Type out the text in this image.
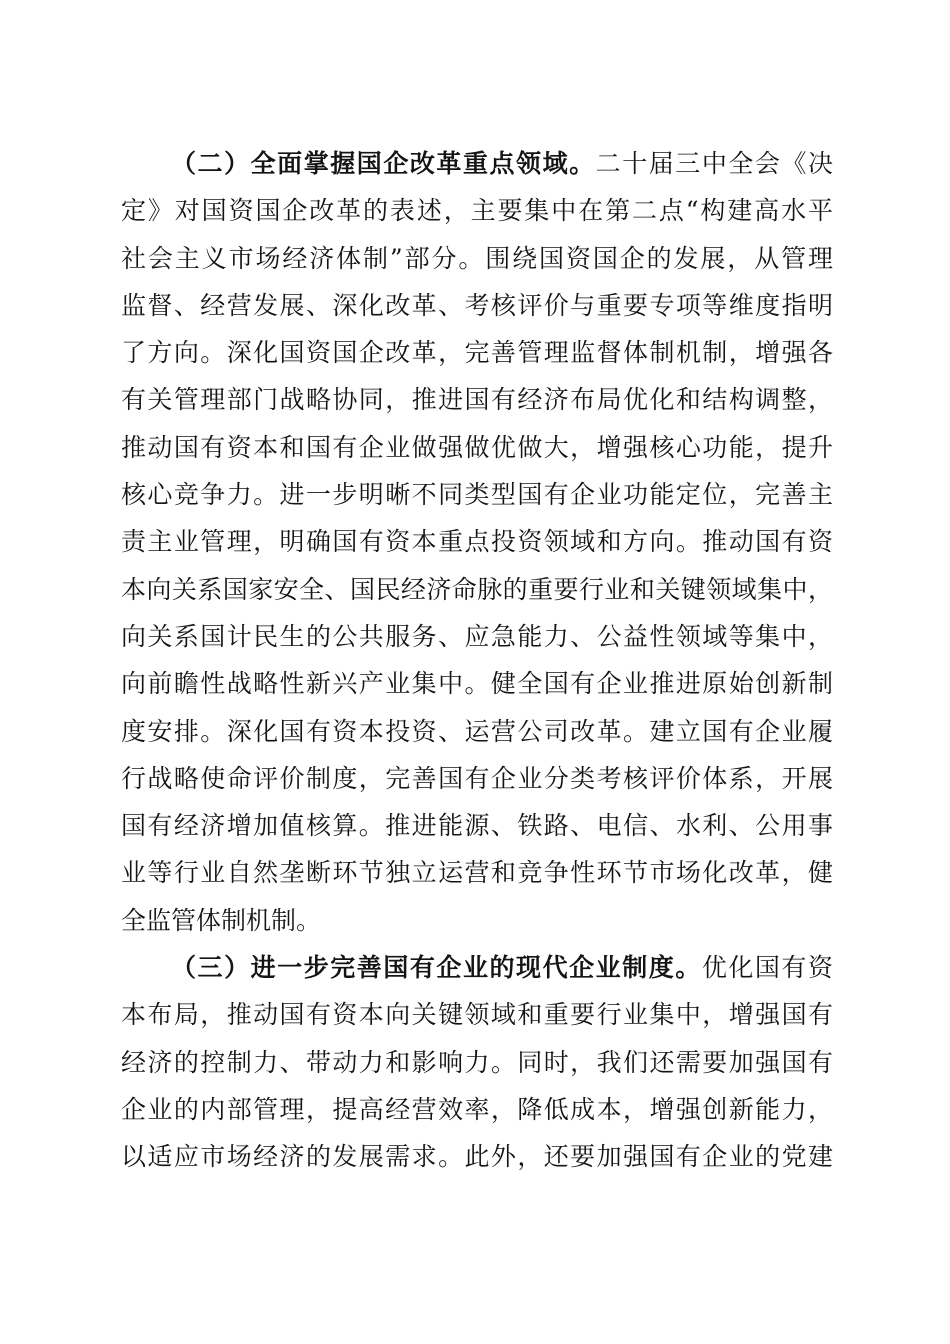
（二）全面掌握国企改革重点领域。二十届三中全会《决
定》对国资国企改革的表述，主要集中在第二点“构建高水平
社会主义市场经济体制”部分。围绕国资国企的发展，从管理
监督、经营发展、深化改革、考核评价与重要专项等维度指明
了方向。深化国资国企改革，完善管理监督体制机制，增强各
有关管理部门战略协同，推进国有经济布局优化和结构调整，
推动国有资本和国有企业做强做优做大，增强核心功能，提升
核心竞争力。进一步明晰不同类型国有企业功能定位，完善主
责主业管理，明确国有资本重点投资领域和方向。推动国有资
本向关系国家安全、国民经济命脉的重要行业和关键领域集中，
向关系国计民生的公共服务、应急能力、公益性领域等集中，
向前瞻性战略性新兴产业集中。健全国有企业推进原始创新制
度安排。深化国有资本投资、运营公司改革。建立国有企业履
行战略使命评价制度，完善国有企业分类考核评价体系，开展
国有经济增加值核算。推进能源、铁路、电信、水利、公用事
业等行业自然垄断环节独立运营和竞争性环节市场化改革，健
全监管体制机制。
（三）进一步完善国有企业的现代企业制度。优化国有资
本布局，推动国有资本向关键领域和重要行业集中，增强国有
经济的控制力、带动力和影响力。同时，我们还需要加强国有
企业的内部管理，提高经营效率，降低成本，增强创新能力，
以适应市场经济的发展需求。此外，还要加强国有企业的党建
